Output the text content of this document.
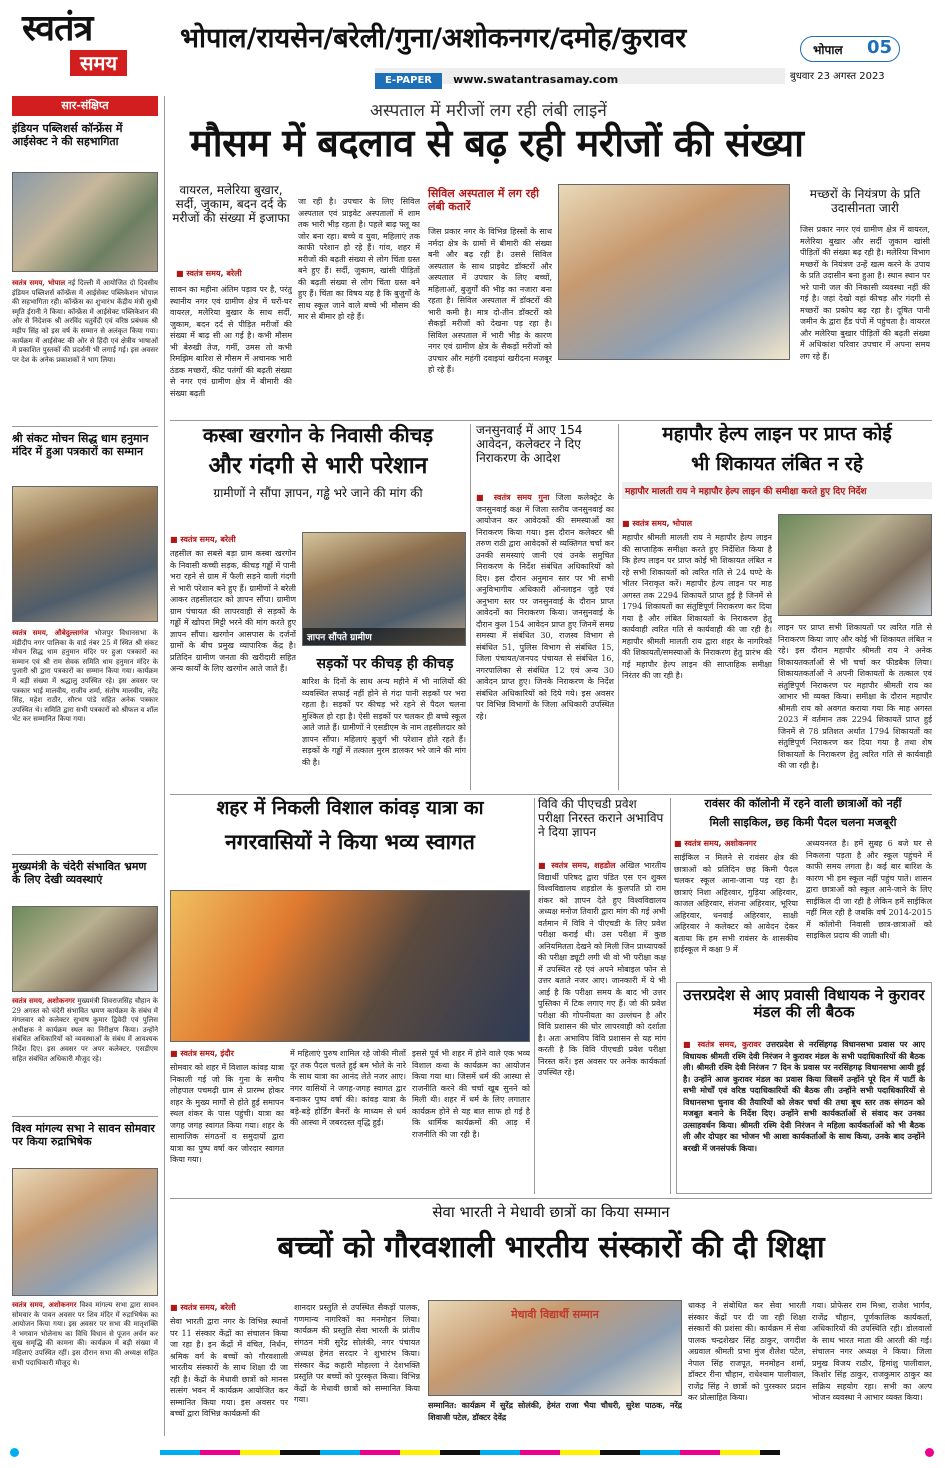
स्वतंत्र
समय
भोपाल/रायसेन/बरेली/गुना/अशोकनगर/दमोह/कुरावर
E-PAPER www.swatantrasamay.com
भोपाल 05
बुधवार 23 अगस्त 2023
सार-संक्षिप्त
इंडियन पब्लिशर्स कॉन्फ्रेंस में आईसेक्ट ने की सहभागिता
स्वतंत्र समय, भोपाल नई दिल्ली में आयोजित दो दिवसीय इंडियन पब्लिशर्स कॉन्फ्रेंस में आईसेक्ट पब्लिकेशन भोपाल की सहभागिता रही। कॉन्फ्रेंस का शुभारंभ केंद्रीय मंत्री सुश्री स्मृति ईरानी ने किया। कॉन्फ्रेंस में आईसेक्ट पब्लिकेशन की ओर से निदेशक श्री अरविंद चतुर्वेदी एवं वरिष्ठ प्रबंधक श्री महीप सिंह को इस वर्ष के सम्मान से अलंकृत किया गया। कार्यक्रम में आईसेक्ट की ओर से हिंदी एवं क्षेत्रीय भाषाओं में प्रकाशित पुस्तकों की प्रदर्शनी भी लगाई गई। इस अवसर पर देश के अनेक प्रकाशकों ने भाग लिया।
श्री संकट मोचन सिद्ध धाम हनुमान मंदिर में हुआ पत्रकारों का सम्मान
स्वतंत्र समय, औबेदुल्लागंज भोजपुर विधानसभा के मंडीदीप नगर पालिका के वार्ड नंबर 25 में स्थित श्री संकट मोचन सिद्ध धाम हनुमान मंदिर पर हुआ पत्रकारों का सम्मान एवं श्री राम सेवक समिति धाम हनुमान मंदिर के पुजारी श्री द्वारा पत्रकारों का सम्मान किया गया। कार्यक्रम में बड़ी संख्या में श्रद्धालु उपस्थित रहे। इस अवसर पर पत्रकार भाई मालवीय, राजीव शर्मा, संतोष मालवीय, नरेंद्र सिंह, महेश राठौर, सौरभ पांडे सहित अनेक पत्रकार उपस्थित थे। समिति द्वारा सभी पत्रकारों को श्रीफल व शॉल भेंट कर सम्मानित किया गया।
मुख्यमंत्री के चंदेरी संभावित भ्रमण के लिए देखी व्यवस्थाएं
स्वतंत्र समय, अशोकनगर मुख्यमंत्री शिवराजसिंह चौहान के 29 अगस्त को चंदेरी संभावित भ्रमण कार्यक्रम के संबंध में मंगलवार को कलेक्टर सुभाष कुमार द्विवेदी एवं पुलिस अधीक्षक ने कार्यक्रम स्थल का निरीक्षण किया। उन्होंने संबंधित अधिकारियों को व्यवस्थाओं के संबंध में आवश्यक निर्देश दिए। इस अवसर पर अपर कलेक्टर, एसडीएम सहित संबंधित अधिकारी मौजूद रहे।
विश्व मांगल्य सभा ने सावन सोमवार पर किया रुद्राभिषेक
स्वतंत्र समय, अशोकनगर विश्व मांगल्य सभा द्वारा सावन सोमवार के पावन अवसर पर शिव मंदिर में रुद्राभिषेक का आयोजन किया गया। इस अवसर पर सभा की मातृशक्ति ने भगवान भोलेनाथ का विधि विधान से पूजन अर्चन कर सुख समृद्धि की कामना की। कार्यक्रम में बड़ी संख्या में महिलाएं उपस्थित रहीं। इस दौरान सभा की अध्यक्ष सहित सभी पदाधिकारी मौजूद थे।
अस्पताल में मरीजों लग रही लंबी लाइनें
मौसम में बदलाव से बढ़ रही मरीजों की संख्या
वायरल, मलेरिया बुखार, सर्दी, जुकाम, बदन दर्द के मरीजों की संख्या में इजाफा
■ स्वतंत्र समय, बरेली
सावन का महीना अंतिम पड़ाव पर है, परंतु स्थानीय नगर एवं ग्रामीण क्षेत्र में घरों-घर वायरल, मलेरिया बुखार के साथ सर्दी, जुकाम, बदन दर्द से पीड़ित मरीजों की संख्या में बाढ़ सी आ गई है। कभी मौसम भी बेरुखी तेज, गर्मी, उमस तो कभी रिमझिम बारिश से मौसम में अचानक भारी ठंडक मच्छरों, कीट पतंगों की बढ़ती संख्या से नगर एवं ग्रामीण क्षेत्र में बीमारी की संख्या बढ़ती
जा रही है। उपचार के लिए सिविल अस्पताल एवं प्राइवेट अस्पतालों में शाम तक भारी भीड़ रहता है। पहले बाढ़ फ्लू का जोर बना रहा। बच्चे व युवा, महिलाएं तक काफी परेशान हो रहे हैं। गांव, शहर में मरीजों की बढ़ती संख्या से लोग चिंता ग्रस्त बने हुए हैं। सर्दी, जुकाम, खांसी पीड़ितों की बढ़ती संख्या से लोग चिंता ग्रस्त बने हुए हैं। चिंता का विषय यह है कि बुजुर्गों के साथ स्कूल जाने वाले बच्चे भी मौसम की मार से बीमार हो रहे हैं।
सिविल अस्पताल में लग रही लंबी कतारें
जिस प्रकार नगर के विभिन्न हिस्सों के साथ नर्मदा क्षेत्र के ग्रामों में बीमारी की संख्या बनी और बढ़ रही है। उससे सिविल अस्पताल के साथ प्राइवेट डॉक्टरों और अस्पताल में उपचार के लिए बच्चों, महिलाओं, बुजुर्गों की भीड़ का नजारा बना रहता है। सिविल अस्पताल में डॉक्टरों की भारी कमी है। मात्र दो-तीन डॉक्टरों को सैकड़ों मरीजों को देखना पड़ रहा है। सिविल अस्पताल में भारी भीड़ के कारण नगर एवं ग्रामीण क्षेत्र के सैकड़ों मरीजों को उपचार और महंगी दवाइयां खरीदना मजबूर हो रहे हैं।
मच्छरों के नियंत्रण के प्रति उदासीनता जारी
जिस प्रकार नगर एवं ग्रामीण क्षेत्र में वायरल, मलेरिया बुखार और सर्दी जुकाम खांसी पीड़ितों की संख्या बढ़ रही है। मलेरिया विभाग मच्छरों के नियंत्रण उन्हें खत्म करने के उपाय के प्रति उदासीन बना हुआ है। स्थान स्थान पर भरे पानी जल की निकासी व्यवस्था नहीं की गई है। जहां देखो वहां कीचड़ और गंदगी से मच्छरों का प्रकोप बढ़ रहा है। दूषित पानी जमीन के द्वारा हैंड पंपों में पहुंचता है। वायरल और मलेरिया बुखार पीड़ितों की बढ़ती संख्या में अधिकांश परिवार उपचार में अपना समय लग रहे हैं।
कस्बा खरगोन के निवासी कीचड़
और गंदगी से भारी परेशान
ग्रामीणों ने सौंपा ज्ञापन, गड्ढे भरे जाने की मांग की
■ स्वतंत्र समय, बरेली
तहसील का सबसे बड़ा ग्राम कस्बा खरगोन के निवासी कच्ची सड़क, कीचड़ गड्ढों में पानी भरा रहने से ग्राम में फैली सड़ने वाली गंदगी से भारी परेशान बने हुए हैं। ग्रामीणों ने बरेली आकर तहसीलदार को ज्ञापन सौंपा। ग्रामीण ग्राम पंचायत की लापरवाही से सड़कों के गड्ढों में खोपरा मिट्टी भरने की मांग करते हुए ज्ञापन सौंपा। खरगोन आसपास के दर्जनों ग्रामों के बीच प्रमुख व्यापारिक केंद्र है। प्रतिदिन ग्रामीण जनता की खरीदारी सहित अन्य कार्यों के लिए खरगोन आते जाते हैं।
ज्ञापन सौंपते ग्रामीण
सड़कों पर कीचड़ ही कीचड़
बारिश के दिनों के साथ अन्य महीने में भी नालियों की व्यवस्थित सफाई नहीं होने से गंदा पानी सड़कों पर भरा रहता है। सड़कों पर कीचड़ भरे रहने से पैदल चलना मुश्किल हो रहा है। ऐसी सड़कों पर चलकर ही बच्चे स्कूल आते जाते हैं। ग्रामीणों ने एसडीएम के नाम तहसीलदार को ज्ञापन सौंपा। महिलाएं बुजुर्ग भी परेशान होते रहते हैं। सड़कों के गड्ढों में तत्काल मुरम डालकर भरे जाने की मांग की है।
जनसुनवाई में आए 154 आवेदन, कलेक्टर ने दिए निराकरण के आदेश
■ स्वतंत्र समय गुना जिला कलेक्ट्रेट के जनसुनवाई कक्ष में जिला स्तरीय जनसुनवाई का आयोजन कर आवेदकों की समस्याओं का निराकरण किया गया। इस दौरान कलेक्टर श्री तरुण राठी द्वारा आवेदकों से व्यक्तिगत चर्चा कर उनकी समस्याएं जानी एवं उनके समुचित निराकरण के निर्देश संबंधित अधिकारियों को दिए। इस दौरान अनुमान स्तर पर भी सभी अनुविभागीय अधिकारी ऑनलाइन जुड़े एवं अनुभाग स्तर पर जनसुनवाई के दौरान प्राप्त आवेदनों का निराकरण किया। जनसुनवाई के दौरान कुल 154 आवेदन प्राप्त हुए जिनमें समग्र समस्या में संबंधित 30, राजस्व विभाग से संबंधित 51, पुलिस विभाग से संबंधित 15, जिला पंचायत/जनपद पंचायत से संबंधित 16, नगरपालिका से संबंधित 12 एवं अन्य 30 आवेदन प्राप्त हुए। जिनके निराकरण के निर्देश संबंधित अधिकारियों को दिये गये। इस अवसर पर विभिन्न विभागों के जिला अधिकारी उपस्थित रहे।
महापौर हेल्प लाइन पर प्राप्त कोई
भी शिकायत लंबित न रहे
महापौर मालती राय ने महापौर हेल्प लाइन की समीक्षा करते हुए दिए निर्देश
■ स्वतंत्र समय, भोपाल
महापौर श्रीमती मालती राय ने महापौर हेल्प लाइन की साप्ताहिक समीक्षा करते हुए निर्देशित किया है कि हेल्प लाइन पर प्राप्त कोई भी शिकायत लंबित न रहे सभी शिकायतों को त्वरित गति से 24 घण्टे के भीतर निराकृत करें। महापौर हेल्प लाइन पर माह अगस्त तक 2294 शिकायतें प्राप्त हुई है जिनमें से 1794 शिकायतों का संतुष्टिपूर्ण निराकरण कर दिया गया है और लंबित शिकायतों के निराकरण हेतु कार्यवाही त्वरित गति से कार्यवाही की जा रही है। महापौर श्रीमती मालती राय द्वारा शहर के नागरिकों की शिकायतों/समस्याओं के निराकरण हेतु प्रारंभ की गई महापौर हेल्प लाइन की साप्ताहिक समीक्षा निरंतर की जा रही है।
लाइन पर प्राप्त सभी शिकायतों पर त्वरित गति से निराकरण किया जाए और कोई भी शिकायत लंबित न रहे। इस दौरान महापौर श्रीमती राय ने अनेक शिकायतकर्ताओं से भी चर्चा कर फीडबैक लिया। शिकायतकर्ताओं ने अपनी शिकायतों के तत्काल एवं संतुष्टिपूर्ण निराकरण पर महापौर श्रीमती राय का आभार भी व्यक्त किया। समीक्षा के दौरान महापौर श्रीमती राय को अवगत कराया गया कि माह अगस्त 2023 में वर्तमान तक 2294 शिकायतें प्राप्त हुई जिनमें से 78 प्रतिशत अर्थात 1794 शिकायतों का संतुष्टिपूर्ण निराकरण कर दिया गया है तथा शेष शिकायतों के निराकरण हेतु त्वरित गति से कार्यवाही की जा रही है।
शहर में निकली विशाल कांवड़ यात्रा का
नगरवासियों ने किया भव्य स्वागत
■ स्वतंत्र समय, इंदौर
सोमवार को शहर में विशाल कांवड़ यात्रा निकाली गई जो कि गुना के समीप लोहपाल पचमढ़ी ग्राम से प्रारम्भ होकर शहर के मुख्य मार्गों से होते हुई समापन स्थल शंकर के पास पहुंची। यात्रा का जगह जगह स्वागत किया गया। शहर के सामाजिक संगठनों व समुदायों द्वारा यात्रा का पुष्प वर्षा कर जोरदार स्वागत किया गया।
में महिलाएं पुरुष शामिल रहे जोकी मीलों दूर तक पैदल चलते हुई बम भोले के नारे के साथ यात्रा का आनंद लेते नजर आए। नगर वासियों ने जगह-जगह स्वागत द्वार बनाकर पुष्प वर्षा की। कांवड़ यात्रा के बड़े-बड़े होर्डिंग बैनरों के माध्यम से धर्म की आस्था में जबरदस्त वृद्धि हुई।
इससे पूर्व भी शहर में होने वाले एक भव्य विशाल कथा के कार्यक्रम का आयोजन किया गया था। जिसमें धर्म की आस्था से राजनीति करने की चर्चा खूब सुनने को मिली थी। शहर में धर्म के लिए लगातार कार्यक्रम होने से यह बात साफ हो गई है कि धार्मिक कार्यक्रमों की आड़ में राजनीति की जा रही है।
विवि की पीएचडी प्रवेश परीक्षा निरस्त कराने अभाविप ने दिया ज्ञापन
■ स्वतंत्र समय, शहडोल अखिल भारतीय विद्यार्थी परिषद द्वारा पंडित एस एन शुक्ल विश्वविद्यालय शहडोल के कुलपति प्रो राम शंकर को ज्ञापन देते हुए विश्वविद्यालय अध्यक्ष मनोज तिवारी द्वारा मांग की गई अभी वर्तमान में विवि ने पीएचडी के लिए प्रवेश परीक्षा कराई थी। उस परीक्षा में कुछ अनियमितता देखने को मिली जिन प्राध्यापकों की परीक्षा ड्यूटी लगी थी वो भी परीक्षा कक्ष में उपस्थित रहे एवं अपने मोबाइल फोन से उत्तर बताते नजर आए। जानकारी में ये भी आई है कि परीक्षा समय के बाद भी उत्तर पुस्तिका में टिक लगाए गए हैं। जो की प्रवेश परीक्षा की गोपनीयता का उल्लंघन है और विवि प्रशासन की घोर लापरवाही को दर्शाता है। अतः अभाविप विवि प्रशासन से यह मांग करती है कि विवि पीएचडी प्रवेश परीक्षा निरस्त करें। इस अवसर पर अनेक कार्यकर्ता उपस्थित रहे।
रावंसर की कॉलोनी में रहने वाली छात्राओं को नहीं
मिली साइकिल, छह किमी पैदल चलना मजबूरी
■ स्वतंत्र समय, अशोकनगर
साईकिल न मिलने से रावंसर क्षेत्र की छात्राओं को प्रतिदिन छह किमी पैदल चलकर स्कूल आना-जाना पड़ रहा है। छात्राएं निशा अहिरवार, गुड़िया अहिरवार, काजल अहिरवार, संजना अहिरवार, भूरिया अहिरवार, धनवाई अहिरवार, साक्षी अहिरवार ने कलेक्टर को आवेदन देकर बताया कि हम सभी रावंसर के शासकीय हाईस्कूल में कक्षा 9 में
अध्ययनरत है। हमें सुबह 6 बजे घर से निकलना पड़ता है और स्कूल पहुंचने में काफी समय लगता है। कई बार बारिश के कारण भी हम स्कूल नहीं पहुंच पाते। शासन द्वारा छात्राओं को स्कूल आने-जाने के लिए साईकिल दी जा रही है लेकिन हमें साईकिल नहीं मिल रही है जबकि वर्ष 2014-2015 में कॉलोनी निवासी छात्र-छात्राओं को साइकिल प्रदाय की जाती थी।
उत्तरप्रदेश से आए प्रवासी विधायक ने कुरावर मंडल की ली बैठक
■ स्वतंत्र समय, कुरावर उत्तरप्रदेश से नरसिंहगढ़ विधानसभा प्रवास पर आए विधायक श्रीमती रश्मि देवी निरंजन ने कुरावर मंडल के सभी पदाधिकारियों की बैठक ली। श्रीमती रश्मि देवी निरंजन 7 दिन के प्रवास पर नरसिंहगढ़ विधानसभा आयी हुई है। उन्होंने आज कुरावर मंडल का प्रवास किया जिसमें उन्होंने पूरे दिन में पार्टी के सभी मोर्चों एवं वरिष्ठ पदाधिकारियों की बैठक ली। उन्होंने सभी पदाधिकारियों से विधानसभा चुनाव की तैयारियों को लेकर चर्चा की तथा बूथ स्तर तक संगठन को मजबूत बनाने के निर्देश दिए। उन्होंने सभी कार्यकर्ताओं से संवाद कर उनका उत्साहवर्धन किया। श्रीमती रश्मि देवी निरंजन ने महिला कार्यकर्ताओं को भी बैठक ली और दोपहर का भोजन भी आशा कार्यकर्ताओं के साथ किया, उनके बाद उन्होंने बरखी में जनसंपर्क किया।
सेवा भारती ने मेधावी छात्रों का किया सम्मान
बच्चों को गौरवशाली भारतीय संस्कारों की दी शिक्षा
■ स्वतंत्र समय, बरेली
सेवा भारती द्वारा नगर के विभिन्न स्थानों पर 11 संस्कार केंद्रों का संचालन किया जा रहा है। इन केंद्रों में वंचित, निर्धन, श्रमिक वर्ग के बच्चों को गौरवशाली भारतीय संस्कारों के साथ शिक्षा दी जा रही है। केंद्रों के मेधावी छात्रों को मानस सत्संग भवन में कार्यक्रम आयोजित कर सम्मानित किया गया। इस अवसर पर बच्चों द्वारा विभिन्न कार्यक्रमों की
शानदार प्रस्तुति से उपस्थित सैकड़ों पालक, गणमान्य नागरिकों का मनमोहन लिया। कार्यक्रम की प्रस्तुति सेवा भारती के प्रांतीय संगठन मंत्री सुरेंद्र सोलंकी, नगर पंचायत अध्यक्ष हेमंत सरदार ने शुभारंभ किया। संस्कार केंद्र कहारी मोहल्ला ने देशभक्ति प्रस्तुति पर बच्चों को पुरस्कृत किया। विभिन्न केंद्रों के मेधावी छात्रों को सम्मानित किया गया।
मेधावी विद्यार्थी सम्मान
सम्मानित: कार्यक्रम में सुरेंद्र सोलंकी, हेमंत राजा भैया चौधरी, सुरेश पाठक, नरेंद्र शिवाजी पटेल, डॉक्टर देवेंद्र
धाकड़ ने संबोधित कर सेवा भारती संस्कार केंद्रों पर दी जा रही शिक्षा संस्कारों की प्रशंसा की। कार्यक्रम में सेवा पालक चन्द्रशेखर सिंह ठाकुर, जगदीश अग्रवाल श्रीमती प्रभा मुंज शैलेश पटेल, नेपाल सिंह राजपूत, मनमोहन शर्मा, डॉक्टर रीना चौहान, राधेश्याम पालीवाल, राजेंद्र सिंह ने छात्रों को पुरस्कार प्रदान कर प्रोत्साहित किया।
गया। प्रोफेसर राम मिश्रा, राजेश भार्गव, राजेंद्र चौहान, पूर्णकालिक कार्यकर्ता, अधिकारियों की उपस्थिति रही। डोलवालों के साथ भारत माता की आरती की गई। संचालन नगर अध्यक्ष ने किया। जिला प्रमुख विजय राठौर, हिमांशु पालीवाल, किशोर सिंह ठाकुर, राजकुमार ठाकुर का सक्रिय सहयोग रहा। सभी का अल्प भोजन व्यवस्था ने आभार व्यक्त किया।
